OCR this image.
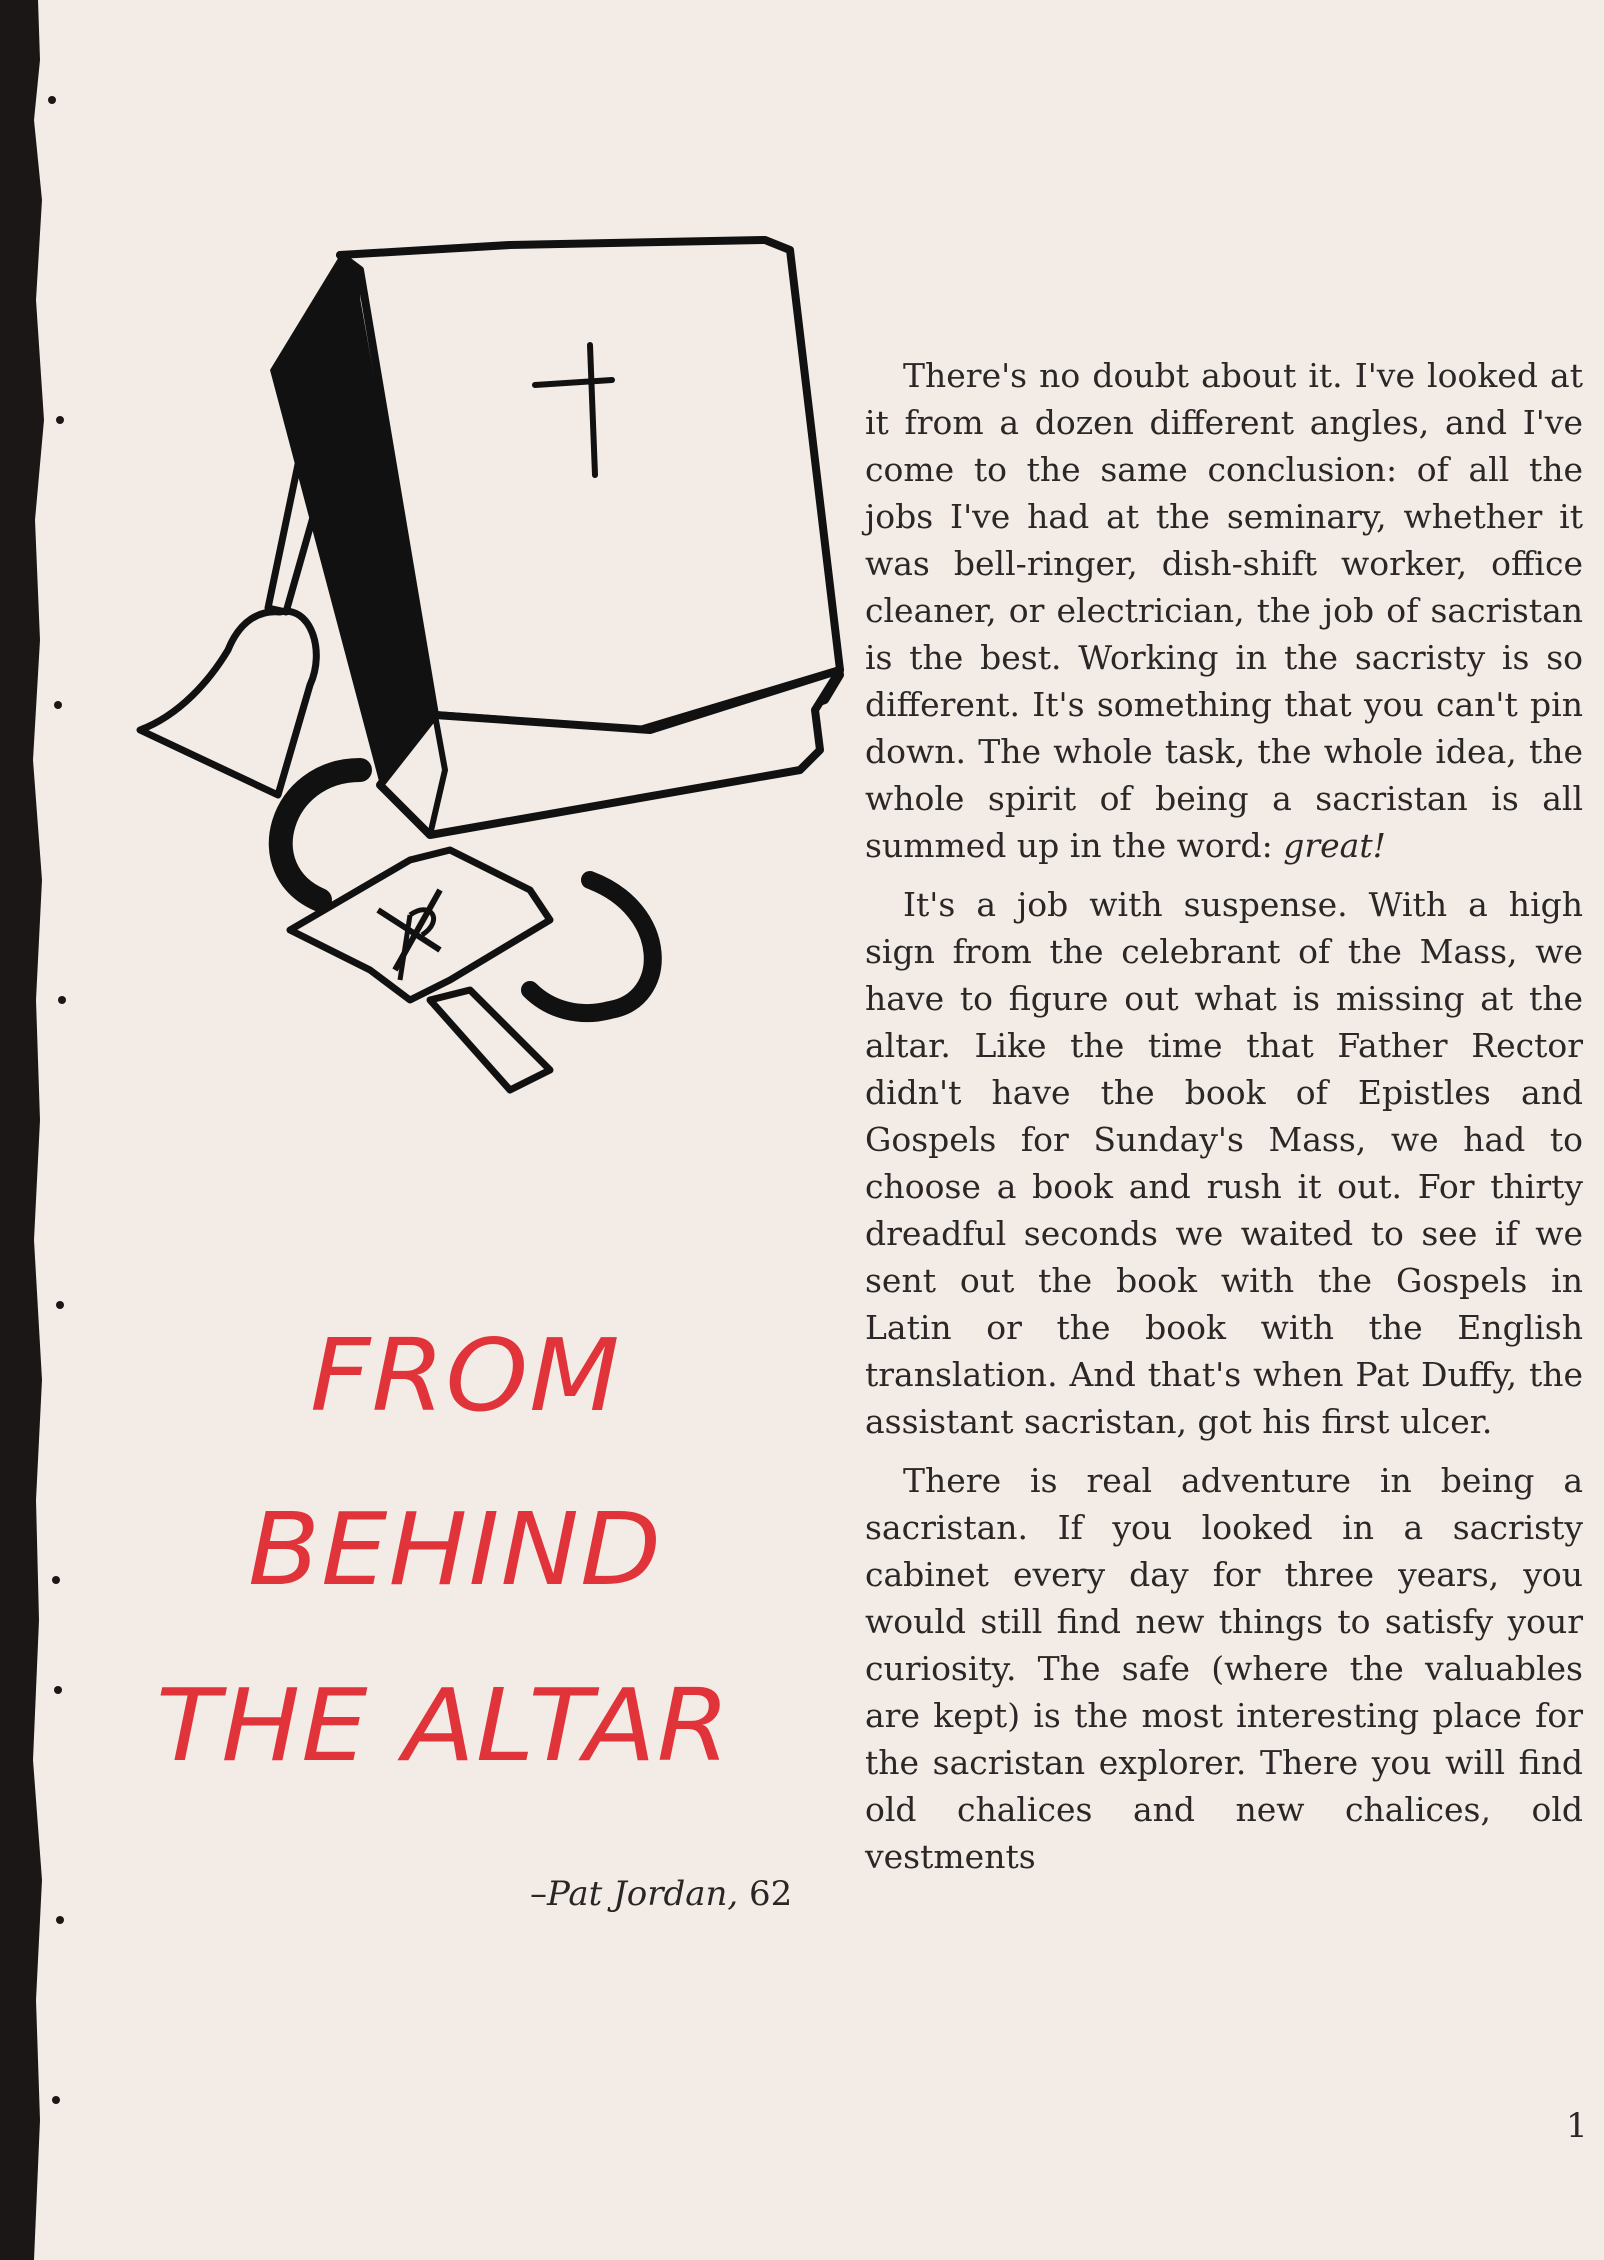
FROM
BEHIND
THE ALTAR
–Pat Jordan, 62

There's no doubt about it. I've looked at it from a dozen different angles, and I've come to the same conclusion: of all the jobs I've had at the seminary, whether it was bell-ringer, dish-shift worker, office cleaner, or electrician, the job of sacristan is the best. Working in the sacristy is so different. It's something that you can't pin down. The whole task, the whole idea, the whole spirit of being a sacristan is all summed up in the word: great!

It's a job with suspense. With a high sign from the celebrant of the Mass, we have to figure out what is missing at the altar. Like the time that Father Rector didn't have the book of Epistles and Gospels for Sunday's Mass, we had to choose a book and rush it out. For thirty dreadful seconds we waited to see if we sent out the book with the Gospels in Latin or the book with the English translation. And that's when Pat Duffy, the assistant sacristan, got his first ulcer.

There is real adventure in being a sacristan. If you looked in a sacristy cabinet every day for three years, you would still find new things to satisfy your curiosity. The safe (where the valuables are kept) is the most interesting place for the sacristan explorer. There you will find old chalices and new chalices, old vestments

1
